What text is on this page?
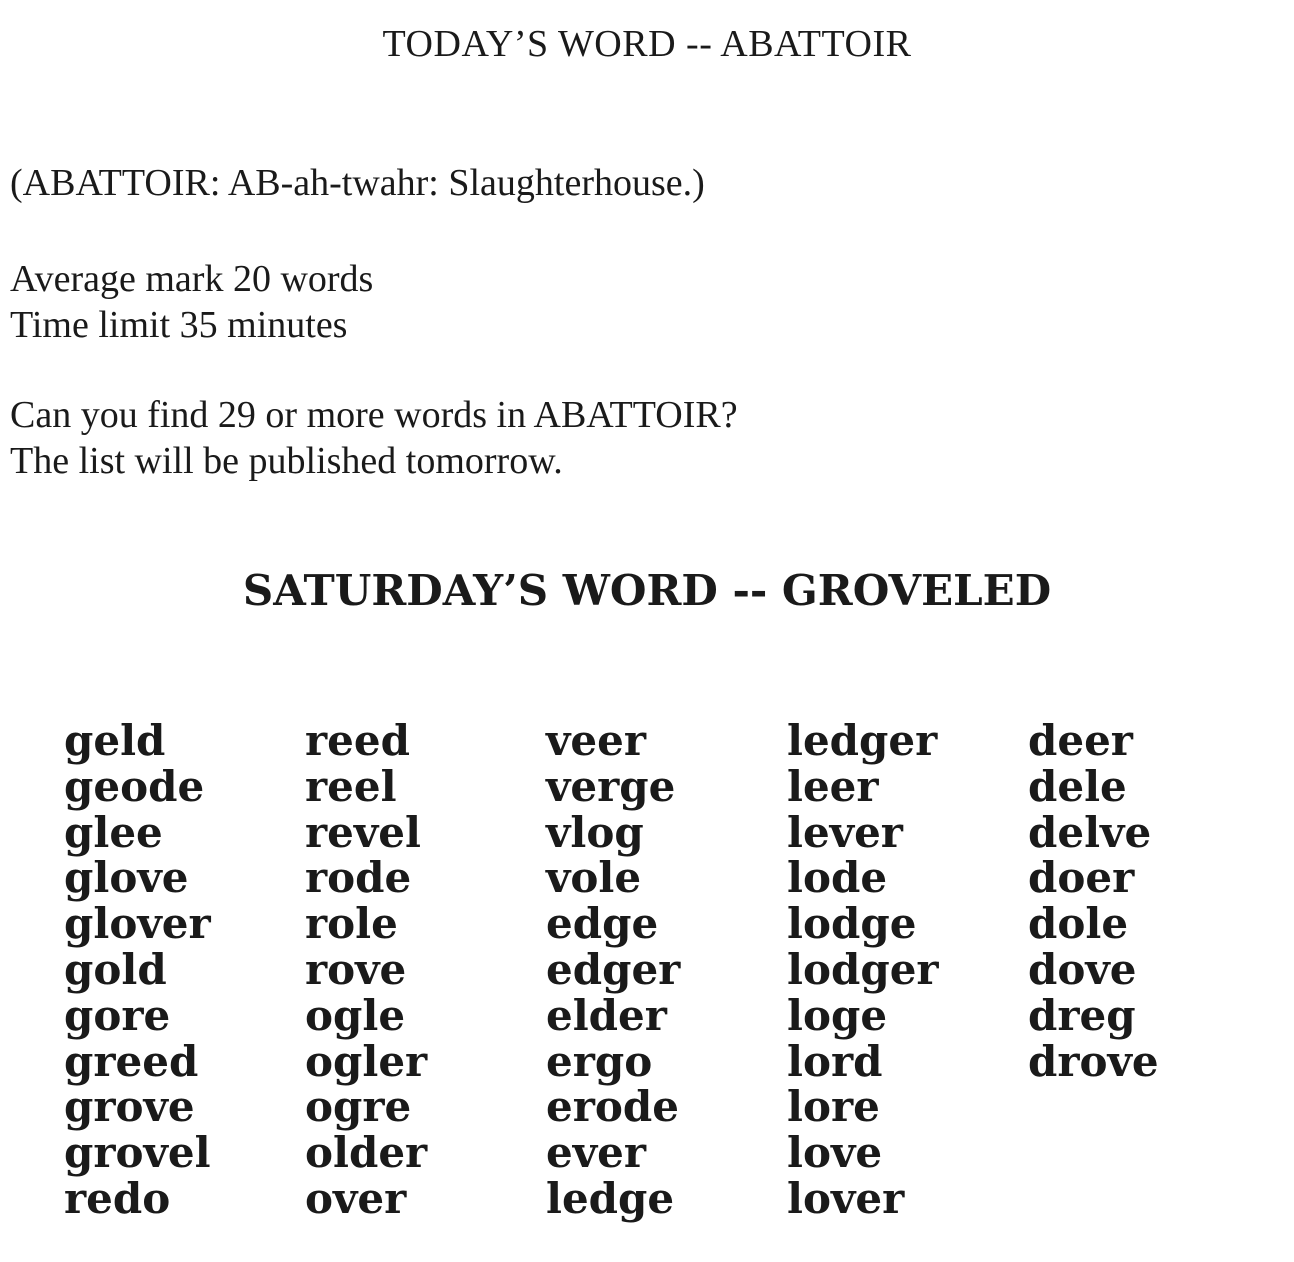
TODAY’S WORD -- ABATTOIR
(ABATTOIR: AB-ah-twahr: Slaughterhouse.)
Average mark 20 words
Time limit 35 minutes
Can you find 29 or more words in ABATTOIR?
The list will be published tomorrow.
SATURDAY’S WORD -- GROVELED
geld
geode
glee
glove
glover
gold
gore
greed
grove
grovel
redo
reed
reel
revel
rode
role
rove
ogle
ogler
ogre
older
over
veer
verge
vlog
vole
edge
edger
elder
ergo
erode
ever
ledge
ledger
leer
lever
lode
lodge
lodger
loge
lord
lore
love
lover
deer
dele
delve
doer
dole
dove
dreg
drove
